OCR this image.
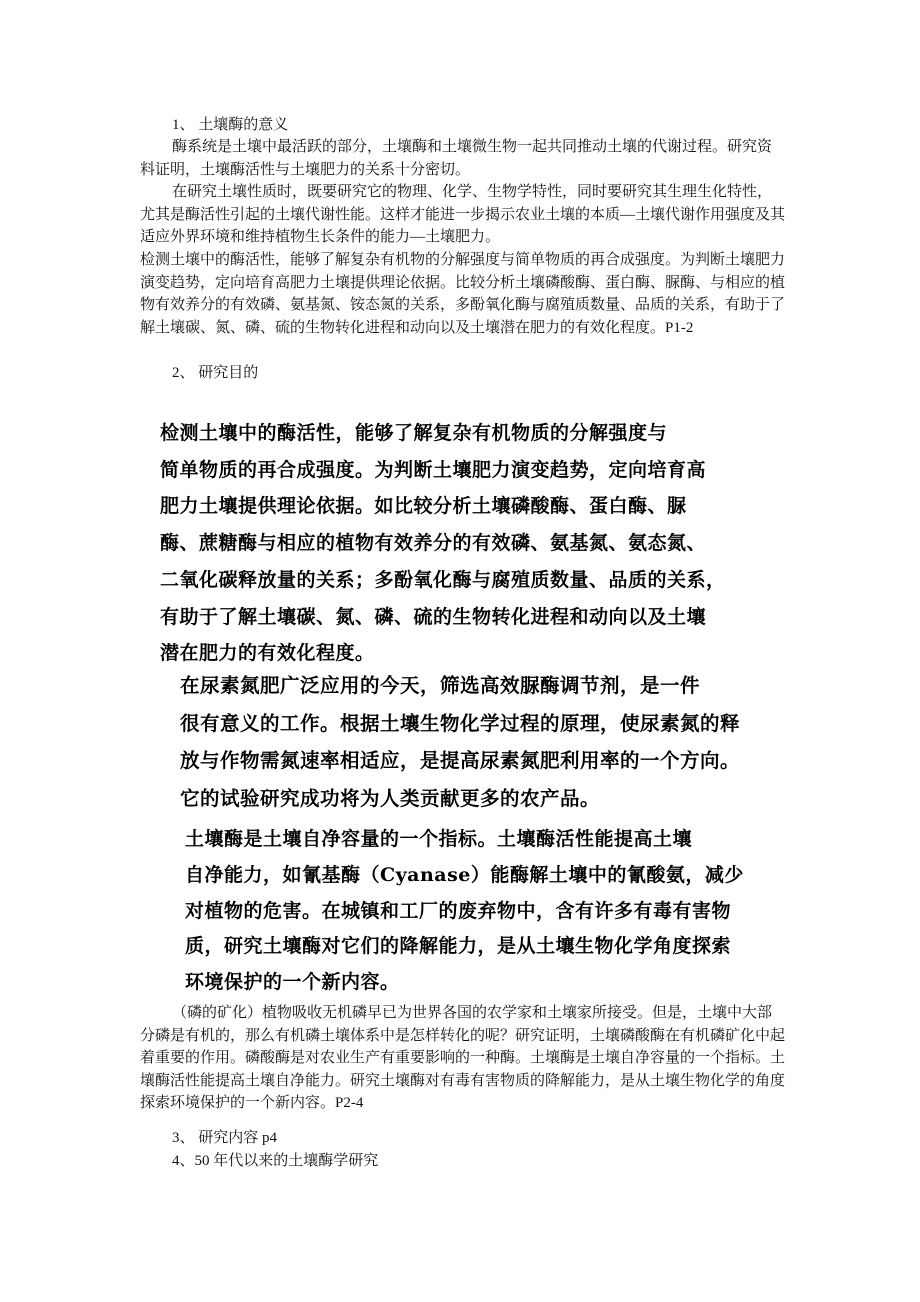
1、 土壤酶的意义
酶系统是土壤中最活跃的部分，土壤酶和土壤微生物一起共同推动土壤的代谢过程。研究资料证明，土壤酶活性与土壤肥力的关系十分密切。
在研究土壤性质时，既要研究它的物理、化学、生物学特性，同时要研究其生理生化特性，尤其是酶活性引起的土壤代谢性能。这样才能进一步揭示农业土壤的本质—土壤代谢作用强度及其适应外界环境和维持植物生长条件的能力—土壤肥力。
检测土壤中的酶活性，能够了解复杂有机物的分解强度与简单物质的再合成强度。为判断土壤肥力演变趋势，定向培育高肥力土壤提供理论依据。比较分析土壤磷酸酶、蛋白酶、脲酶、与相应的植物有效养分的有效磷、氨基氮、铵态氮的关系，多酚氧化酶与腐殖质数量、品质的关系，有助于了解土壤碳、氮、磷、硫的生物转化进程和动向以及土壤潜在肥力的有效化程度。P1-2
2、 研究目的
检测土壤中的酶活性，能够了解复杂有机物质的分解强度与
简单物质的再合成强度。为判断土壤肥力演变趋势，定向培育高
肥力土壤提供理论依据。如比较分析土壤磷酸酶、蛋白酶、脲
酶、蔗糖酶与相应的植物有效养分的有效磷、氨基氮、氨态氮、
二氧化碳释放量的关系；多酚氧化酶与腐殖质数量、品质的关系，
有助于了解土壤碳、氮、磷、硫的生物转化进程和动向以及土壤
潜在肥力的有效化程度。
在尿素氮肥广泛应用的今天，筛选高效脲酶调节剂，是一件
很有意义的工作。根据土壤生物化学过程的原理，使尿素氮的释
放与作物需氮速率相适应，是提高尿素氮肥利用率的一个方向。
它的试验研究成功将为人类贡献更多的农产品。
土壤酶是土壤自净容量的一个指标。土壤酶活性能提高土壤
自净能力，如氰基酶（Cyanase）能酶解土壤中的氰酸氨，减少
对植物的危害。在城镇和工厂的废弃物中，含有许多有毒有害物
质，研究土壤酶对它们的降解能力，是从土壤生物化学角度探索
环境保护的一个新内容。
（磷的矿化）植物吸收无机磷早已为世界各国的农学家和土壤家所接受。但是，土壤中大部分磷是有机的，那么有机磷土壤体系中是怎样转化的呢？研究证明，土壤磷酸酶在有机磷矿化中起着重要的作用。磷酸酶是对农业生产有重要影响的一种酶。土壤酶是土壤自净容量的一个指标。土壤酶活性能提高土壤自净能力。研究土壤酶对有毒有害物质的降解能力，是从土壤生物化学的角度探索环境保护的一个新内容。P2-4
3、 研究内容 p4
4、50 年代以来的土壤酶学研究
